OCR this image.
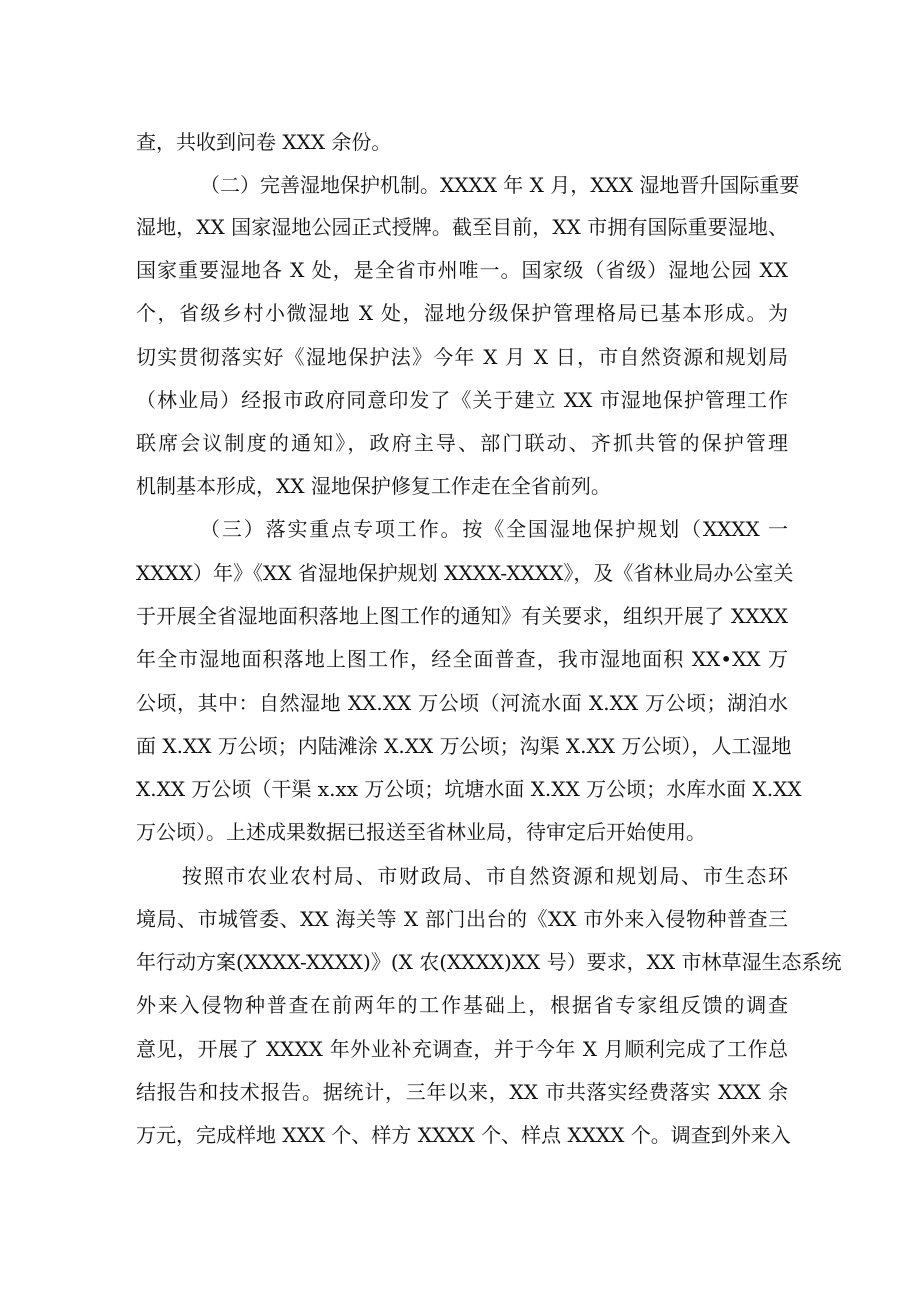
查，共收到问卷 XXX 余份。
（二）完善湿地保护机制。XXXX 年 X 月，XXX 湿地晋升国际重要
湿地，XX 国家湿地公园正式授牌。截至目前，XX 市拥有国际重要湿地、
国家重要湿地各 X 处，是全省市州唯一。国家级（省级）湿地公园 XX
个，省级乡村小微湿地 X 处，湿地分级保护管理格局已基本形成。为
切实贯彻落实好《湿地保护法》今年 X 月 X 日，市自然资源和规划局
（林业局）经报市政府同意印发了《关于建立 XX 市湿地保护管理工作
联席会议制度的通知》，政府主导、部门联动、齐抓共管的保护管理
机制基本形成，XX 湿地保护修复工作走在全省前列。
（三）落实重点专项工作。按《全国湿地保护规划（XXXX 一
XXXX）年》《XX 省湿地保护规划 XXXX-XXXX》，及《省林业局办公室关
于开展全省湿地面积落地上图工作的通知》有关要求，组织开展了 XXXX
年全市湿地面积落地上图工作，经全面普查，我市湿地面积 XX•XX 万
公顷，其中：自然湿地 XX.XX 万公顷（河流水面 X.XX 万公顷；湖泊水
面 X.XX 万公顷；内陆滩涂 X.XX 万公顷；沟渠 X.XX 万公顷），人工湿地
X.XX 万公顷（干渠 x.xx 万公顷；坑塘水面 X.XX 万公顷；水库水面 X.XX
万公顷）。上述成果数据已报送至省林业局，待审定后开始使用。
按照市农业农村局、市财政局、市自然资源和规划局、市生态环
境局、市城管委、XX 海关等 X 部门出台的《XX 市外来入侵物种普查三
年行动方案(XXXX-XXXX)》(X 农(XXXX)XX 号）要求，XX 市林草湿生态系统
外来入侵物种普查在前两年的工作基础上，根据省专家组反馈的调查
意见，开展了 XXXX 年外业补充调查，并于今年 X 月顺利完成了工作总
结报告和技术报告。据统计，三年以来，XX 市共落实经费落实 XXX 余
万元，完成样地 XXX 个、样方 XXXX 个、样点 XXXX 个。调查到外来入
